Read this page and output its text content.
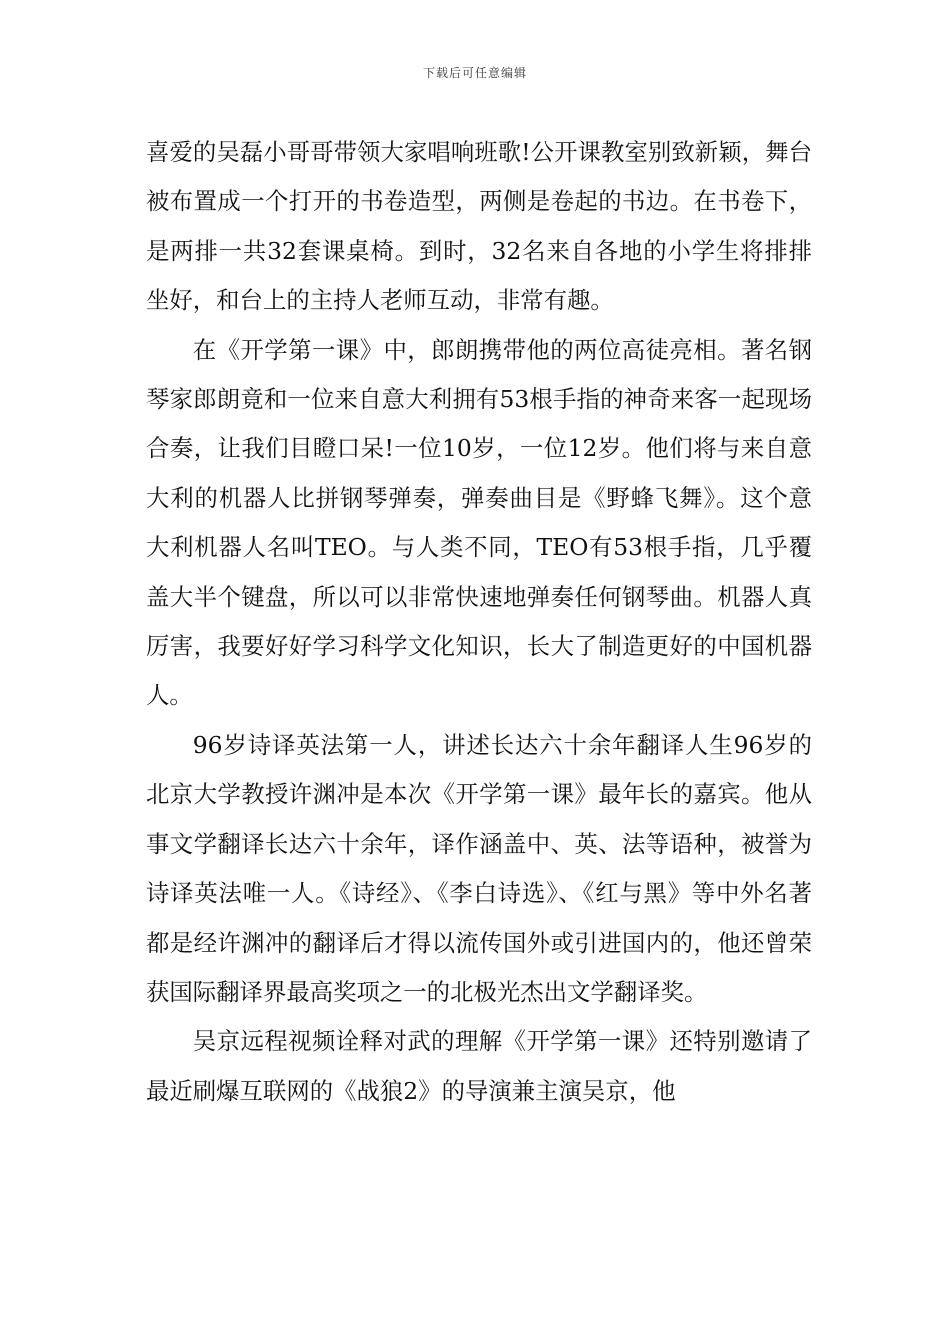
下载后可任意编辑

喜爱的吴磊小哥哥带领大家唱响班歌!公开课教室别致新颖，舞台被布置成一个打开的书卷造型，两侧是卷起的书边。在书卷下，是两排一共32套课桌椅。到时，32名来自各地的小学生将排排坐好，和台上的主持人老师互动，非常有趣。

在《开学第一课》中，郎朗携带他的两位高徒亮相。著名钢琴家郎朗竟和一位来自意大利拥有53根手指的神奇来客一起现场合奏，让我们目瞪口呆!一位10岁，一位12岁。他们将与来自意大利的机器人比拼钢琴弹奏，弹奏曲目是《野蜂飞舞》。这个意大利机器人名叫TEO。与人类不同，TEO有53根手指，几乎覆盖大半个键盘，所以可以非常快速地弹奏任何钢琴曲。机器人真厉害，我要好好学习科学文化知识，长大了制造更好的中国机器人。

96岁诗译英法第一人，讲述长达六十余年翻译人生96岁的北京大学教授许渊冲是本次《开学第一课》最年长的嘉宾。他从事文学翻译长达六十余年，译作涵盖中、英、法等语种，被誉为诗译英法唯一人。《诗经》、《李白诗选》、《红与黑》等中外名著都是经许渊冲的翻译后才得以流传国外或引进国内的，他还曾荣获国际翻译界最高奖项之一的北极光杰出文学翻译奖。

吴京远程视频诠释对武的理解《开学第一课》还特别邀请了最近刷爆互联网的《战狼2》的导演兼主演吴京，他
